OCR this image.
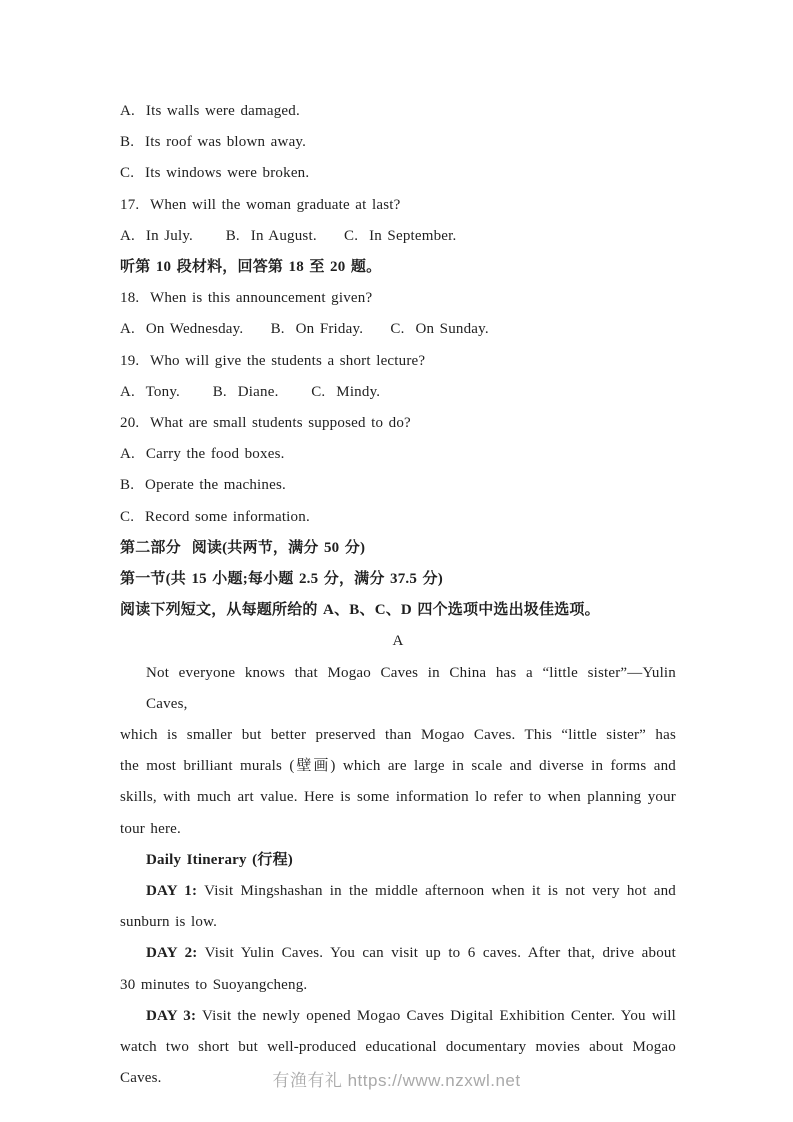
A.  Its walls were damaged.
B.  Its roof was blown away.
C.  Its windows were broken.
17.  When will the woman graduate at last?
A.  In July.      B.  In August.     C.  In September.
听第 10 段材料，回答第 18 至 20 题。
18.  When is this announcement given?
A.  On Wednesday.     B.  On Friday.     C.  On Sunday.
19.  Who will give the students a short lecture?
A.  Tony.      B.  Diane.      C.  Mindy.
20.  What are small students supposed to do?
A.  Carry the food boxes.
B.  Operate the machines.
C.  Record some information.
第二部分  阅读(共两节，满分 50 分)
第一节(共 15 小题;每小题 2.5 分，满分 37.5 分)
阅读下列短文，从每题所给的 A、B、C、D 四个选项中选出圾佳选项。
A
Not everyone knows that Mogao Caves in China has a “little sister”—Yulin Caves,
which is smaller but better preserved than Mogao Caves. This “little sister” has
the most brilliant murals (壁画) which are large in scale and diverse in forms and
skills, with much art value. Here is some information lo refer to when planning your
tour here.
Daily Itinerary (行程)
DAY 1: Visit Mingshashan in the middle afternoon when it is not very hot and
sunburn is low.
DAY 2: Visit Yulin Caves. You can visit up to 6 caves. After that, drive about
30 minutes to Suoyangcheng.
DAY 3: Visit the newly opened Mogao Caves Digital Exhibition Center. You will
watch two short but well-produced educational documentary movies about Mogao Caves.	有渔有礼 https://www.nzxwl.net
